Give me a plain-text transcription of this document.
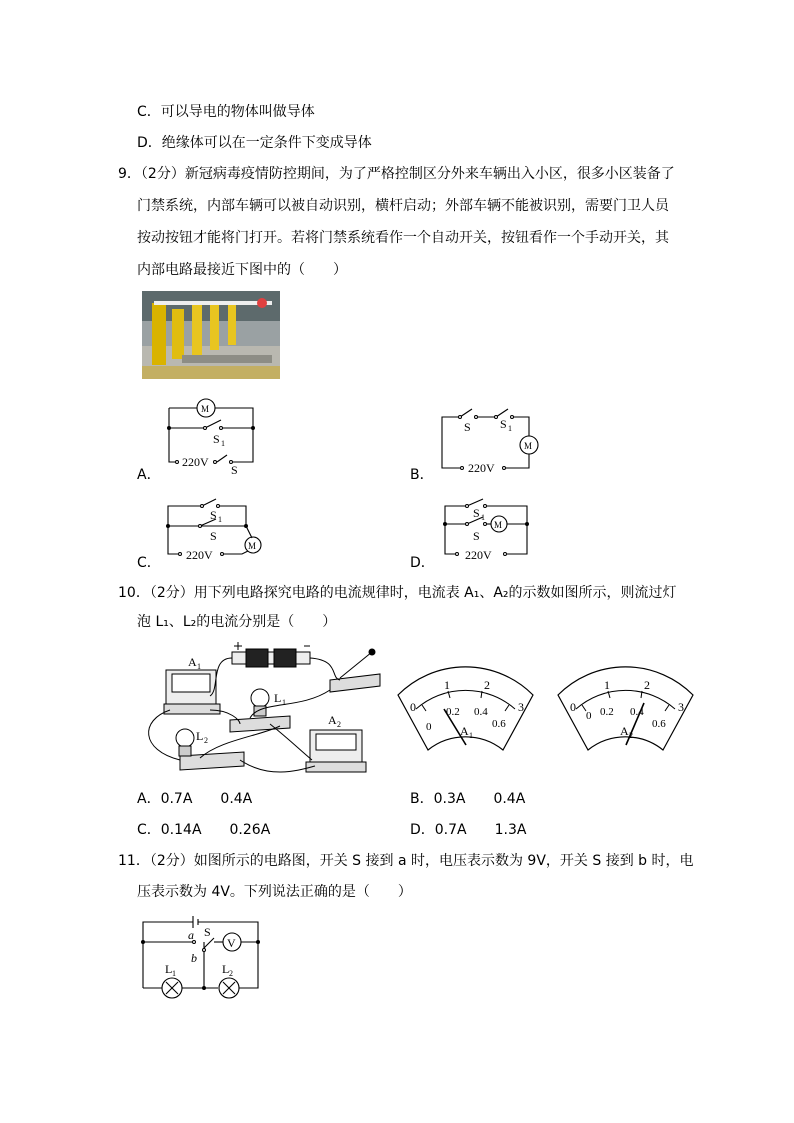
C．可以导电的物体叫做导体
D．绝缘体可以在一定条件下变成导体
9．（2分）新冠病毒疫情防控期间，为了严格控制区分外来车辆出入小区，很多小区装备了
门禁系统，内部车辆可以被自动识别，横杆启动；外部车辆不能被识别，需要门卫人员
按动按钮才能将门打开。若将门禁系统看作一个自动开关，按钮看作一个手动开关，其
内部电路最接近下图中的（　　）
M
S 1
220V
S
A．
M
S S 1
220V
B．
M
S 1
S
220V
C．
M
S 1
S
220V
D．
10．（2分）用下列电路探究电路的电流规律时，电流表 A₁、A₂的示数如图所示，则流过灯
泡 L₁、L₂的电流分别是（　　）
A 1
L 1
L 2
A 2
0
1	2
3
0
0.2 0.4
0.6
A 1
0
1	2
3
0 0.2 0.4
0.6
A 2
A．0.7A　　0.4A	B．0.3A　　0.4A
C．0.14A　　0.26A	D．0.7A　　1.3A
11．（2分）如图所示的电路图，开关 S 接到 a 时，电压表示数为 9V，开关 S 接到 b 时，电
压表示数为 4V。下列说法正确的是（　　）
a
b
S
V
L 1	L 2
